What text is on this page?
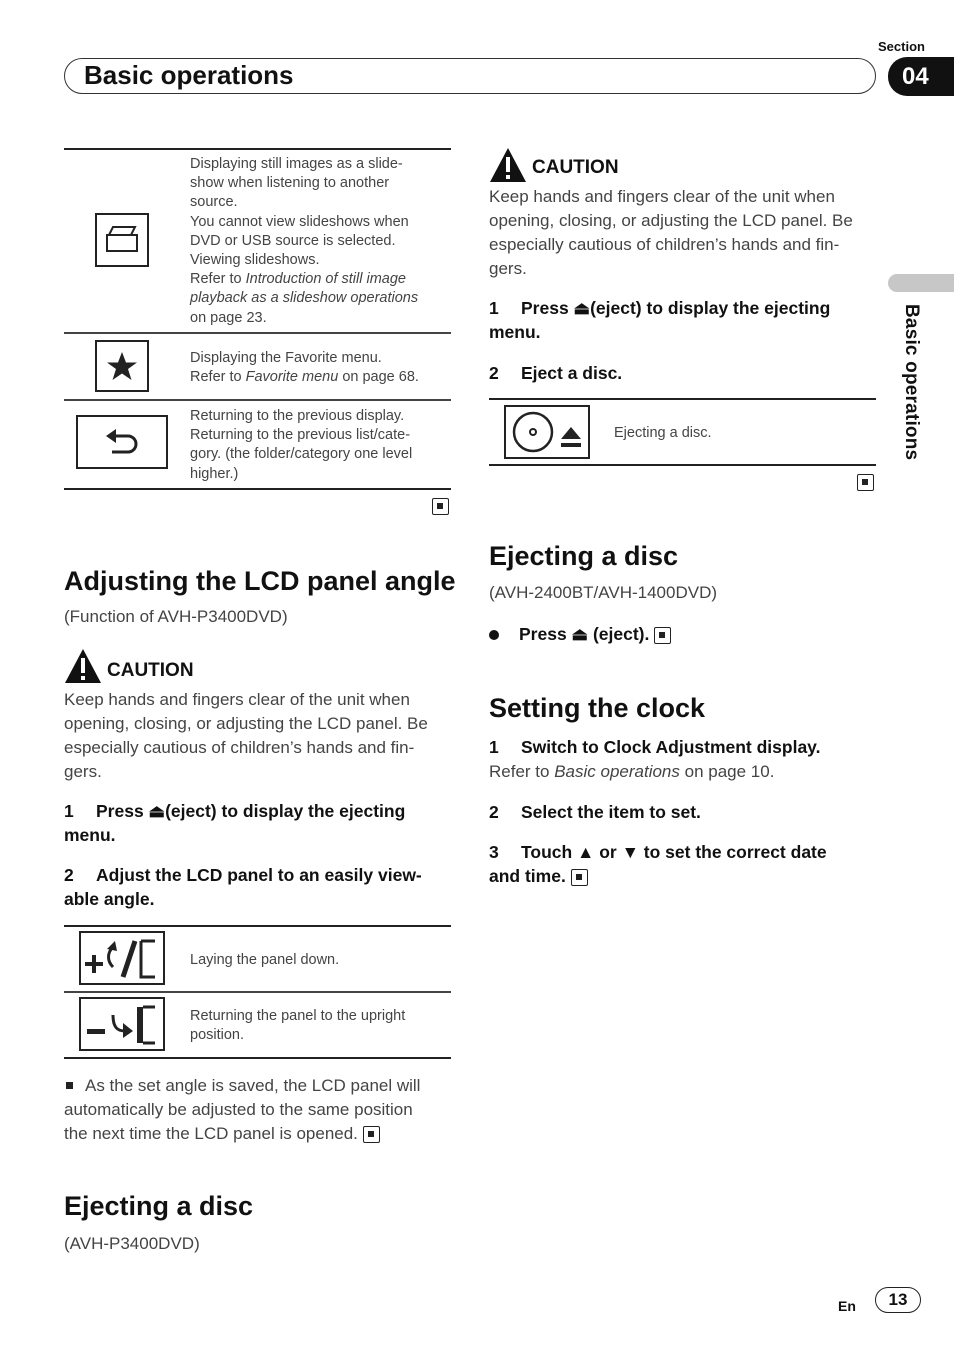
Section
Basic operations	04
Basic operations
Displaying still images as a slide-
show when listening to another
source.
You cannot view slideshows when
DVD or USB source is selected.
Viewing slideshows.
Refer to Introduction of still image
playback as a slideshow operations
on page 23.
Displaying the Favorite menu.
Refer to Favorite menu on page 68.
Returning to the previous display.
Returning to the previous list/cate-
gory. (the folder/category one level
higher.)
Adjusting the LCD panel angle
(Function of AVH-P3400DVD)
CAUTION
Keep hands and fingers clear of the unit when
opening, closing, or adjusting the LCD panel. Be
especially cautious of children’s hands and fin-
gers.
1 Press ⏏(eject) to display the ejecting
menu.
2 Adjust the LCD panel to an easily view-
able angle.
Laying the panel down.
Returning the panel to the upright
position.
As the set angle is saved, the LCD panel will
automatically be adjusted to the same position
the next time the LCD panel is opened.
Ejecting a disc
(AVH-P3400DVD)
CAUTION
Keep hands and fingers clear of the unit when
opening, closing, or adjusting the LCD panel. Be
especially cautious of children’s hands and fin-
gers.
1 Press ⏏(eject) to display the ejecting
menu.
2 Eject a disc.
Ejecting a disc.
Ejecting a disc
(AVH-2400BT/AVH-1400DVD)
Press ⏏ (eject).
Setting the clock
1 Switch to Clock Adjustment display.
Refer to Basic operations on page 10.
2 Select the item to set.
3 Touch ▲ or ▼ to set the correct date
and time.
En	13
